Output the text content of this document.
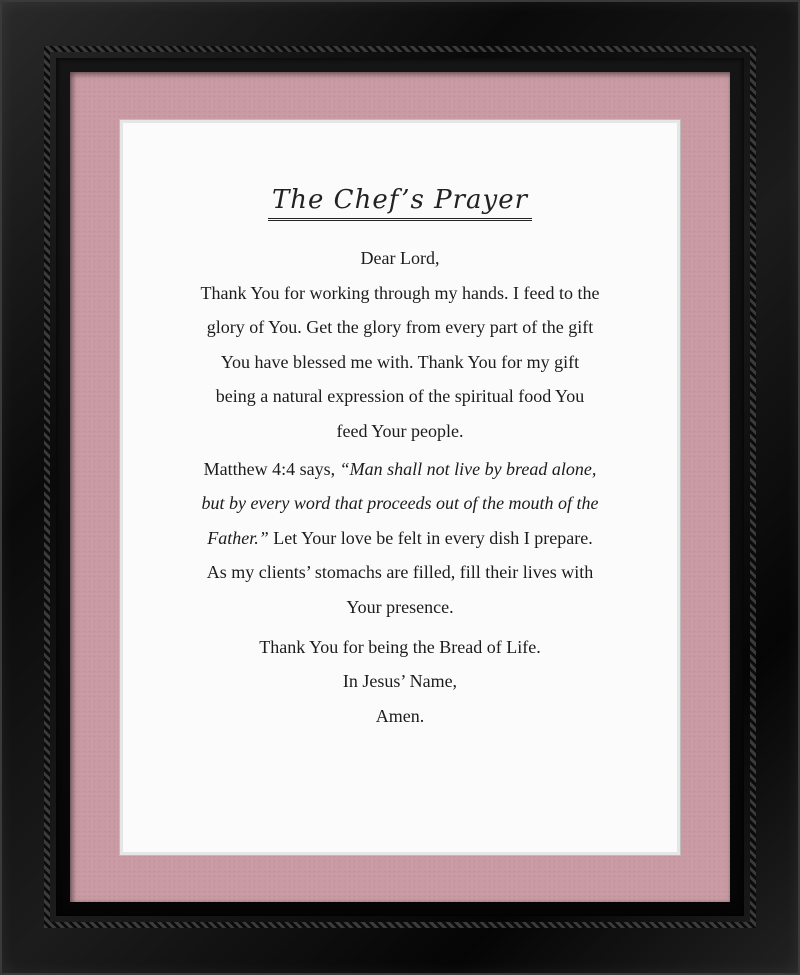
The Chef’s Prayer

Dear Lord,

Thank You for working through my hands. I feed to the

glory of You. Get the glory from every part of the gift

You have blessed me with. Thank You for my gift

being a natural expression of the spiritual food You

feed Your people.

Matthew 4:4 says, “Man shall not live by bread alone,

but by every word that proceeds out of the mouth of the

Father.” Let Your love be felt in every dish I prepare.

As my clients’ stomachs are filled, fill their lives with

Your presence.

Thank You for being the Bread of Life.

In Jesus’ Name,

Amen.
